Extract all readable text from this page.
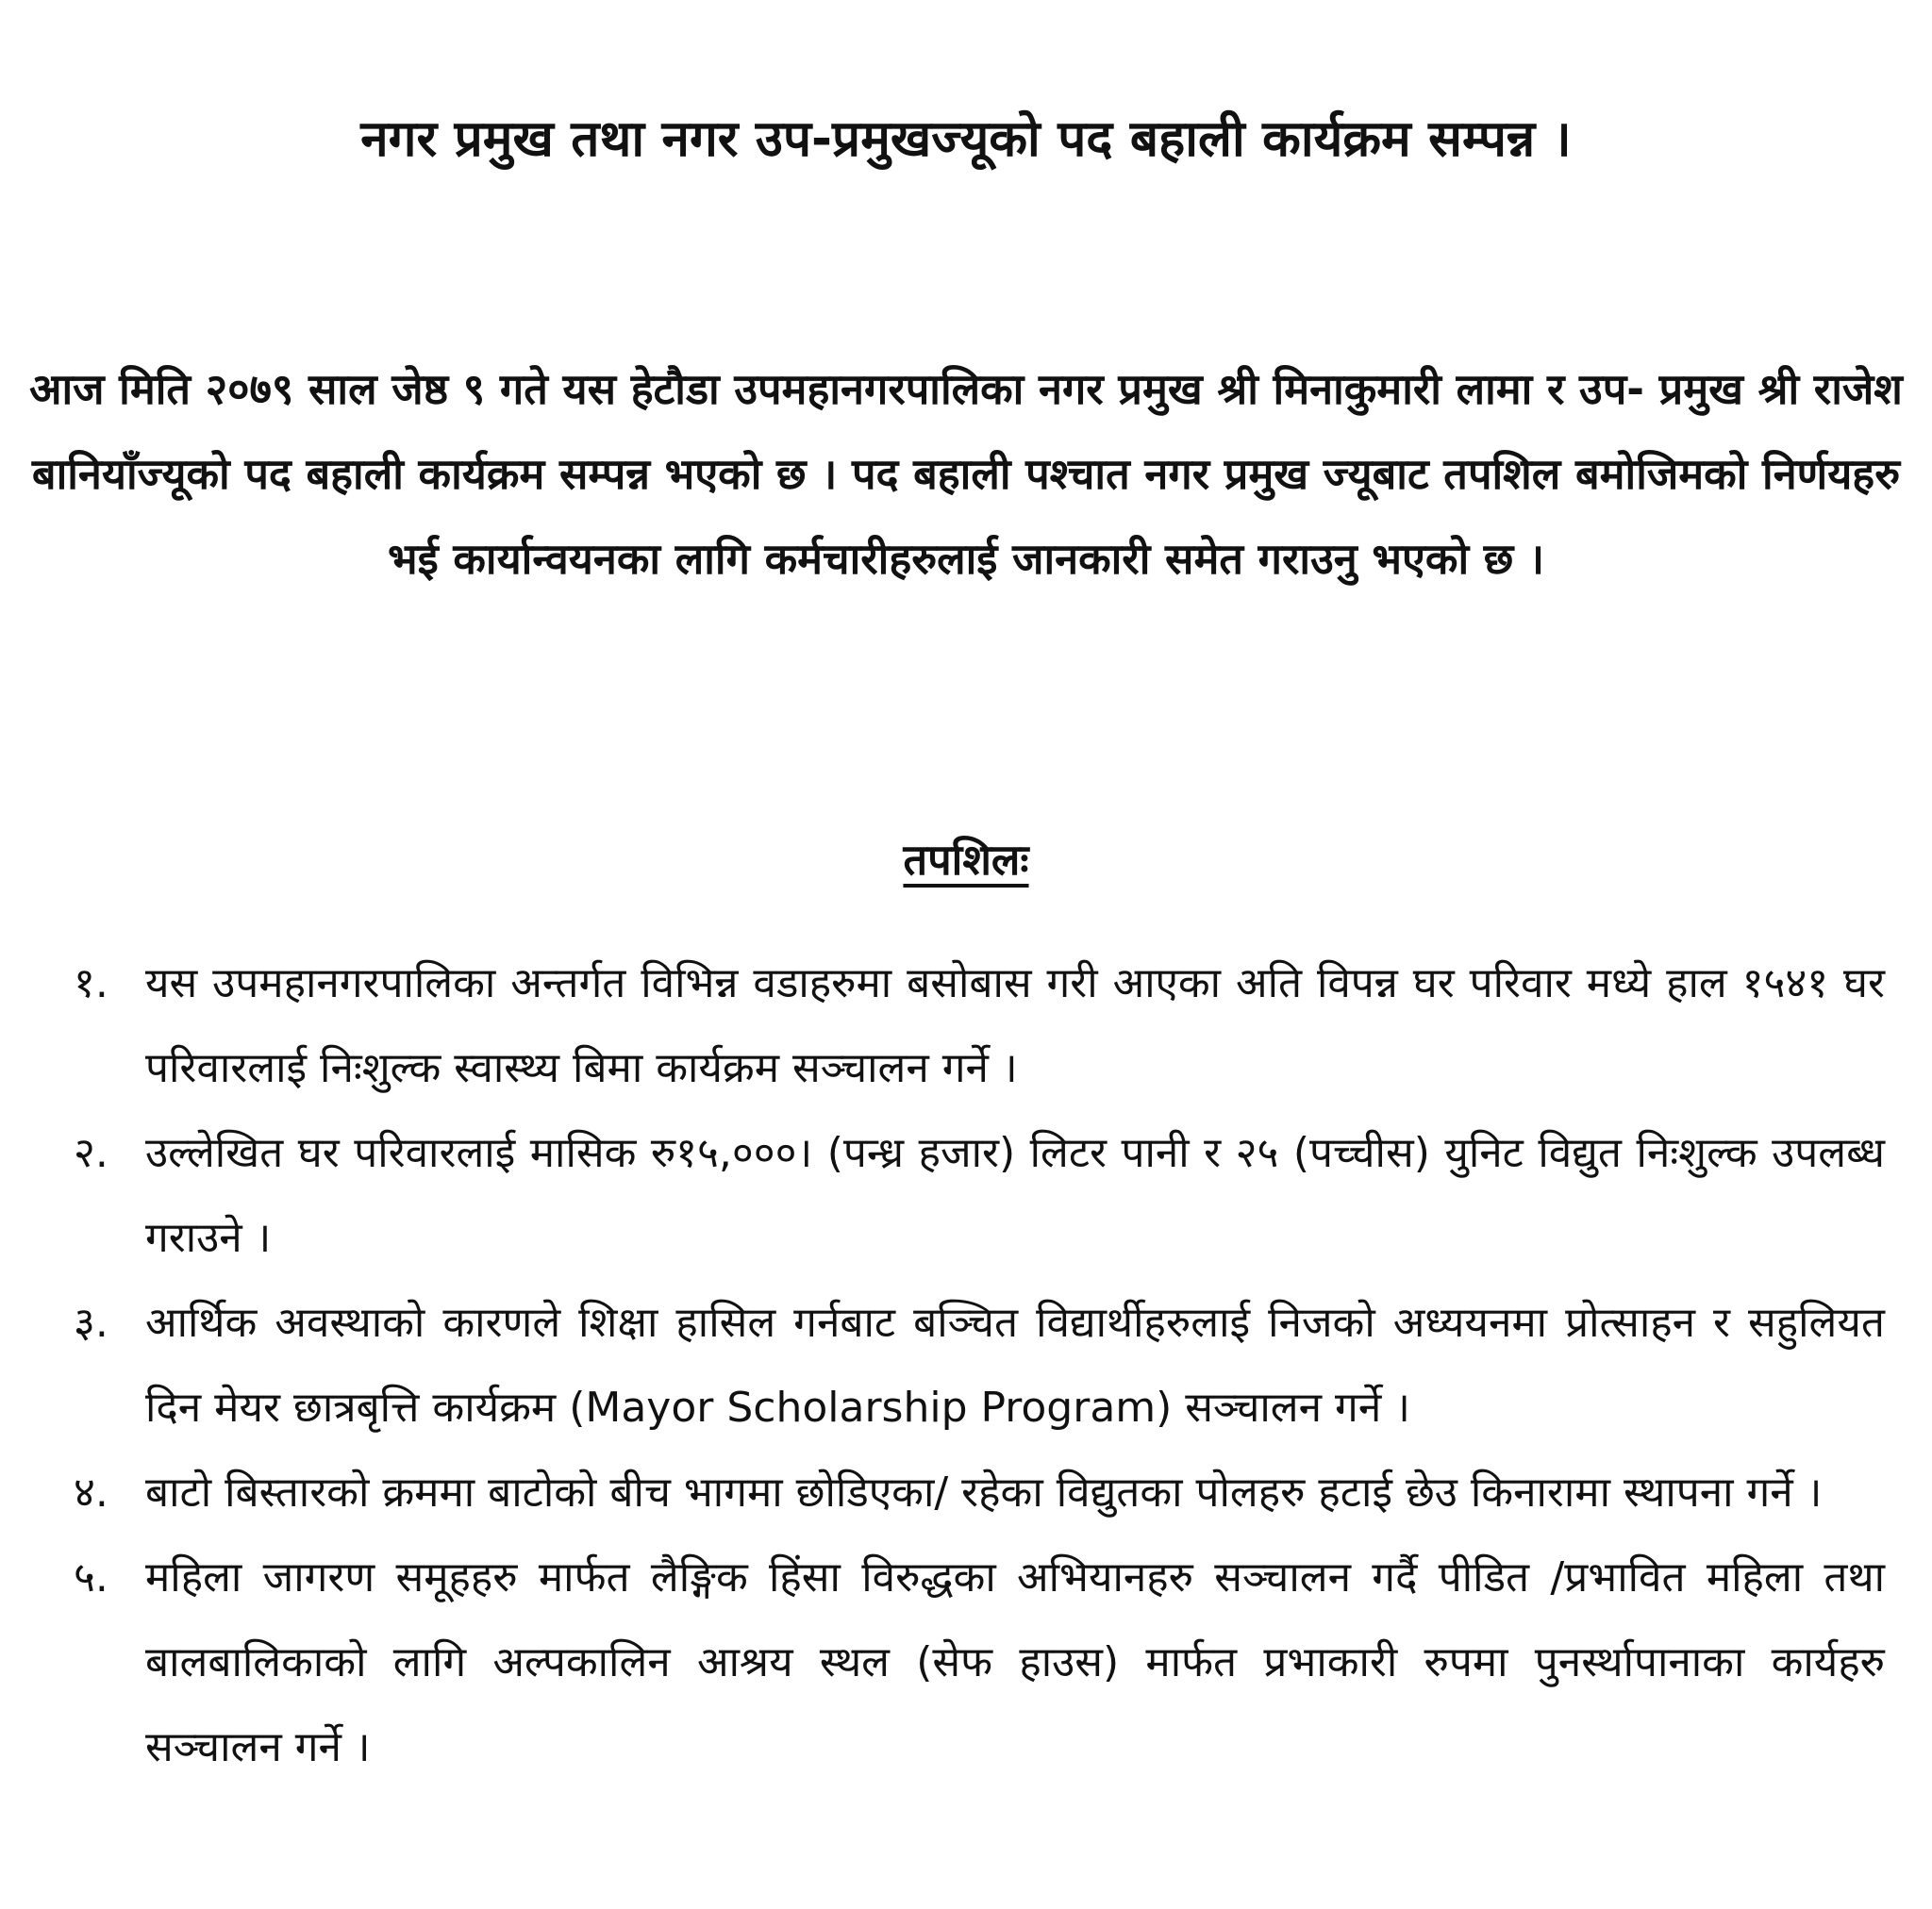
नगर प्रमुख तथा नगर उप-प्रमुखज्यूको पद बहाली कार्यक्रम सम्पन्न ।
आज मिति २०७९ साल जेष्ठ ९ गते यस हेटौडा उपमहानगरपालिका नगर प्रमुख श्री मिनाकुमारी लामा र उप- प्रमुख श्री राजेश बानियाँज्यूको पद बहाली कार्यक्रम सम्पन्न भएको छ । पद बहाली पश्चात नगर प्रमुख ज्यूबाट तपशिल बमोजिमको निर्णयहरु भई कार्यान्वयनका लागि कर्मचारीहरुलाई जानकारी समेत गराउनु भएको छ ।
तपशिलः
१. यस उपमहानगरपालिका अन्तर्गत विभिन्न वडाहरुमा बसोबास गरी आएका अति विपन्न घर परिवार मध्ये हाल १५४१ घर परिवारलाई निःशुल्क स्वास्थ्य बिमा कार्यक्रम सञ्चालन गर्ने ।
२. उल्लेखित घर परिवारलाई मासिक रु१५,०००। (पन्ध्र हजार) लिटर पानी र २५ (पच्चीस) युनिट विद्युत निःशुल्क उपलब्ध गराउने ।
३. आर्थिक अवस्थाको कारणले शिक्षा हासिल गर्नबाट बञ्चित विद्यार्थीहरुलाई निजको अध्ययनमा प्रोत्साहन र सहुलियत दिन मेयर छात्रबृत्ति कार्यक्रम (Mayor Scholarship Program) सञ्चालन गर्ने ।
४. बाटो बिस्तारको क्रममा बाटोको बीच भागमा छोडिएका/ रहेका विद्युतका पोलहरु हटाई छेउ किनारामा स्थापना गर्ने ।
५. महिला जागरण समूहहरु मार्फत लैङ्गिक हिंसा विरुद्धका अभियानहरु सञ्चालन गर्दै पीडित /प्रभावित महिला तथा बालबालिकाको लागि अल्पकालिन आश्रय स्थल (सेफ हाउस) मार्फत प्रभाकारी रुपमा पुनर्स्थापानाका कार्यहरु सञ्चालन गर्ने ।
